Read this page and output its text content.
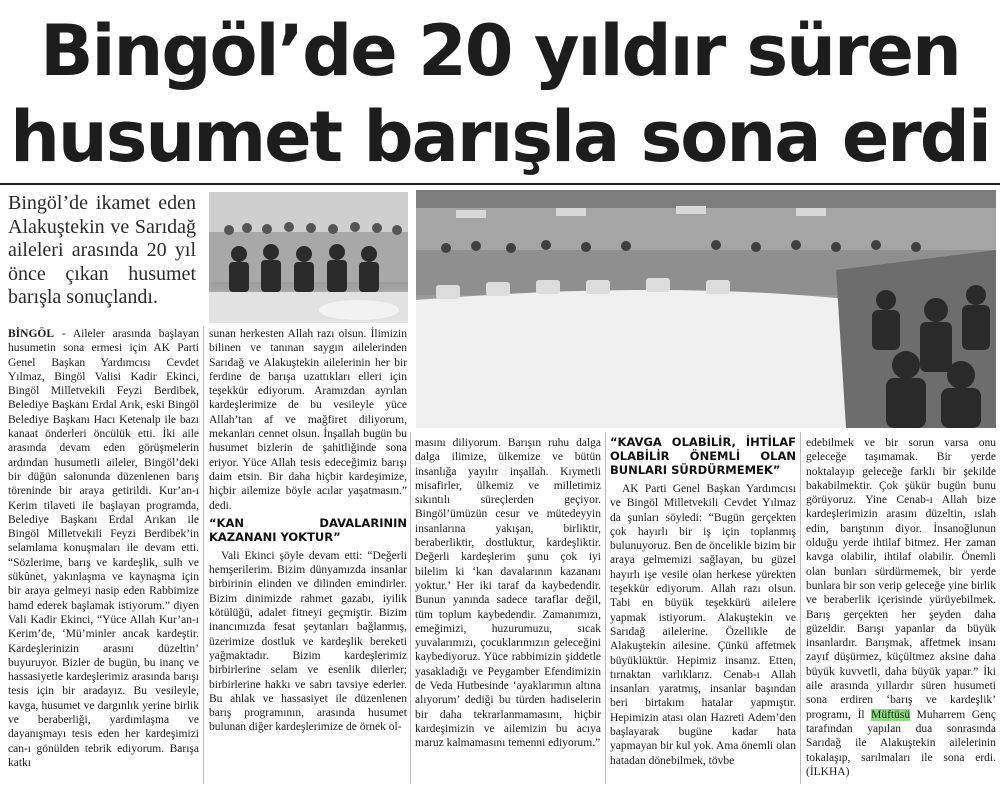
Bingöl’de 20 yıldır süren
husumet barışla sona erdi
Bingöl’de ikamet eden Alakuştekin ve Sarıdağ aileleri arasında 20 yıl önce çıkan husumet barışla sonuçlandı.

BİNGÖL - Aileler arasında başlayan husumetin sona ermesi için AK Parti Genel Başkan Yardımcısı Cevdet Yılmaz, Bingöl Valisi Kadir Ekinci, Bingöl Milletvekili Feyzi Berdibek, Belediye Başkanı Erdal Arık, eski Bingöl Belediye Başkanı Hacı Ketenalp ile bazı kanaat önderleri öncülük etti. İki aile arasında devam eden görüşmelerin ardından husumetli aileler, Bingöl’deki bir düğün salonunda düzenlenen barış töreninde bir araya getirildi. Kur’an-ı Kerim tilaveti ile başlayan programda, Belediye Başkanı Erdal Arıkan ile Bingöl Milletvekili Feyzi Berdibek’in selamlama konuşmaları ile devam etti. “Sözlerime, barış ve kardeşlik, sulh ve sükûnet, yakınlaşma ve kaynaşma için bir araya gelmeyi nasip eden Rabbimize hamd ederek başlamak istiyorum.” diyen Vali Kadir Ekinci, “Yüce Allah Kur’an-ı Kerim’de, ‘Mü’minler ancak kardeştir. Kardeşlerinizin arasını düzeltin’ buyuruyor. Bizler de bugün, bu inanç ve hassasiyetle kardeşlerimiz arasında barışı tesis için bir aradayız. Bu vesileyle, kavga, husumet ve dargınlık yerine birlik ve beraberliği, yardımlaşma ve dayanışmayı tesis eden her kardeşimizi can-ı gönülden tebrik ediyorum. Barışa katkı

sunan herkesten Allah razı olsun. İlimizin bilinen ve tanınan saygın ailelerinden Sarıdağ ve Alakuştekin ailelerinin her bir ferdine de barışa uzattıkları elleri için teşekkür ediyorum. Aramızdan ayrılan kardeşlerimize de bu vesileyle yüce Allah’tan af ve mağfiret diliyorum, mekanları cennet olsun. İnşallah bugün bu husumet bizlerin de şahitliğinde sona eriyor. Yüce Allah tesis edeceğimiz barışı daim etsin. Bir daha hiçbir kardeşimize, hiçbir ailemize böyle acılar yaşatmasın.” dedi.

“KAN DAVALARININ KAZANANI YOKTUR”

Vali Ekinci şöyle devam etti: “Değerli hemşerilerim. Bizim dünyamızda insanlar birbirinin elinden ve dilinden emindirler. Bizim dinimizde rahmet gazabı, iyilik kötülüğü, adalet fitneyi geçmiştir. Bizim inancımızda fesat şeytanları bağlanmış, üzerimize dostluk ve kardeşlik bereketi yağmaktadır. Bizim kardeşlerimiz birbirlerine selam ve esenlik dilerler; birbirlerine hakkı ve sabrı tavsiye ederler. Bu ahlak ve hassasiyet ile düzenlenen barış programının, arasında husumet bulunan diğer kardeşlerimize de örnek ol-

masını diliyorum. Barışın ruhu dalga dalga ilimize, ülkemize ve bütün insanlığa yayılır inşallah. Kıymetli misafirler, ülkemiz ve milletimiz sıkıntılı süreçlerden geçiyor. Bingöl’ümüzün cesur ve mütedeyyin insanlarına yakışan, birliktir, beraberliktir, dostluktur, kardeşliktir. Değerli kardeşlerim şunu çok iyi bilelim ki ‘kan davalarının kazananı yoktur.’ Her iki taraf da kaybedendir. Bunun yanında sadece taraflar değil, tüm toplum kaybedendir. Zamanımızı, emeğimizi, huzurumuzu, sıcak yuvalarımızı, çocuklarımızın geleceğini kaybediyoruz. Yüce rabbimizin şiddetle yasakladığı ve Peygamber Efendimizin de Veda Hutbesinde ‘ayaklarımın altına alıyorum’ dediği bu türden hadiselerin bir daha tekrarlanmamasını, hiçbir kardeşimizin ve ailemizin bu acıya maruz kalmamasını temenni ediyorum.”

“KAVGA OLABİLİR, İHTİLAF OLABİLİR ÖNEMLİ OLAN BUNLARI SÜRDÜRMEMEK”

AK Parti Genel Başkan Yardımcısı ve Bingöl Milletvekili Cevdet Yılmaz da şunları söyledi: “Bugün gerçekten çok hayırlı bir iş için toplanmış bulunuyoruz. Ben de öncelikle bizim bir araya gelmemizi sağlayan, bu güzel hayırlı işe vesile olan herkese yürekten teşekkür ediyorum. Allah razı olsun. Tabi en büyük teşekkürü ailelere yapmak istiyorum. Alakuştekin ve Sarıdağ ailelerine. Özellikle de Alakuştekin ailesine. Çünkü affetmek büyüklüktür. Hepimiz insanız. Etten, tırnaktan varlıklarız. Cenab-ı Allah insanları yaratmış, insanlar başından beri birtakım hatalar yapmıştır. Hepimizin atası olan Hazreti Adem’den başlayarak bugüne kadar hata yapmayan bir kul yok. Ama önemli olan hatadan dönebilmek, tövbe

edebilmek ve bir sorun varsa onu geleceğe taşımamak. Bir yerde noktalayıp geleceğe farklı bir şekilde bakabilmektir. Çok şükür bugün bunu görüyoruz. Yine Cenab-ı Allah bize kardeşlerimizin arasını düzeltin, ıslah edin, barıştının diyor. İnsanoğlunun olduğu yerde ihtilaf bitmez. Her zaman kavga olabilir, ihtilaf olabilir. Önemli olan bunları sürdürmemek, bir yerde bunlara bir son verip geleceğe yine birlik ve beraberlik içerisinde yürüyebilmek. Barış gerçekten her şeyden daha güzeldir. Barışı yapanlar da büyük insanlardır. Barışmak, affetmek insanı zayıf düşürmez, küçültmez aksine daha büyük kuvvetli, daha büyük yapar.” İki aile arasında yıllardır süren husumeti sona erdiren ‘barış ve kardeşlik’ programı, İl Müftüsü Muharrem Genç tarafından yapılan dua sonrasında Sarıdağ ile Alakuştekin ailelerinin tokalaşıp, sarılmaları ile sona erdi. (İLKHA)
